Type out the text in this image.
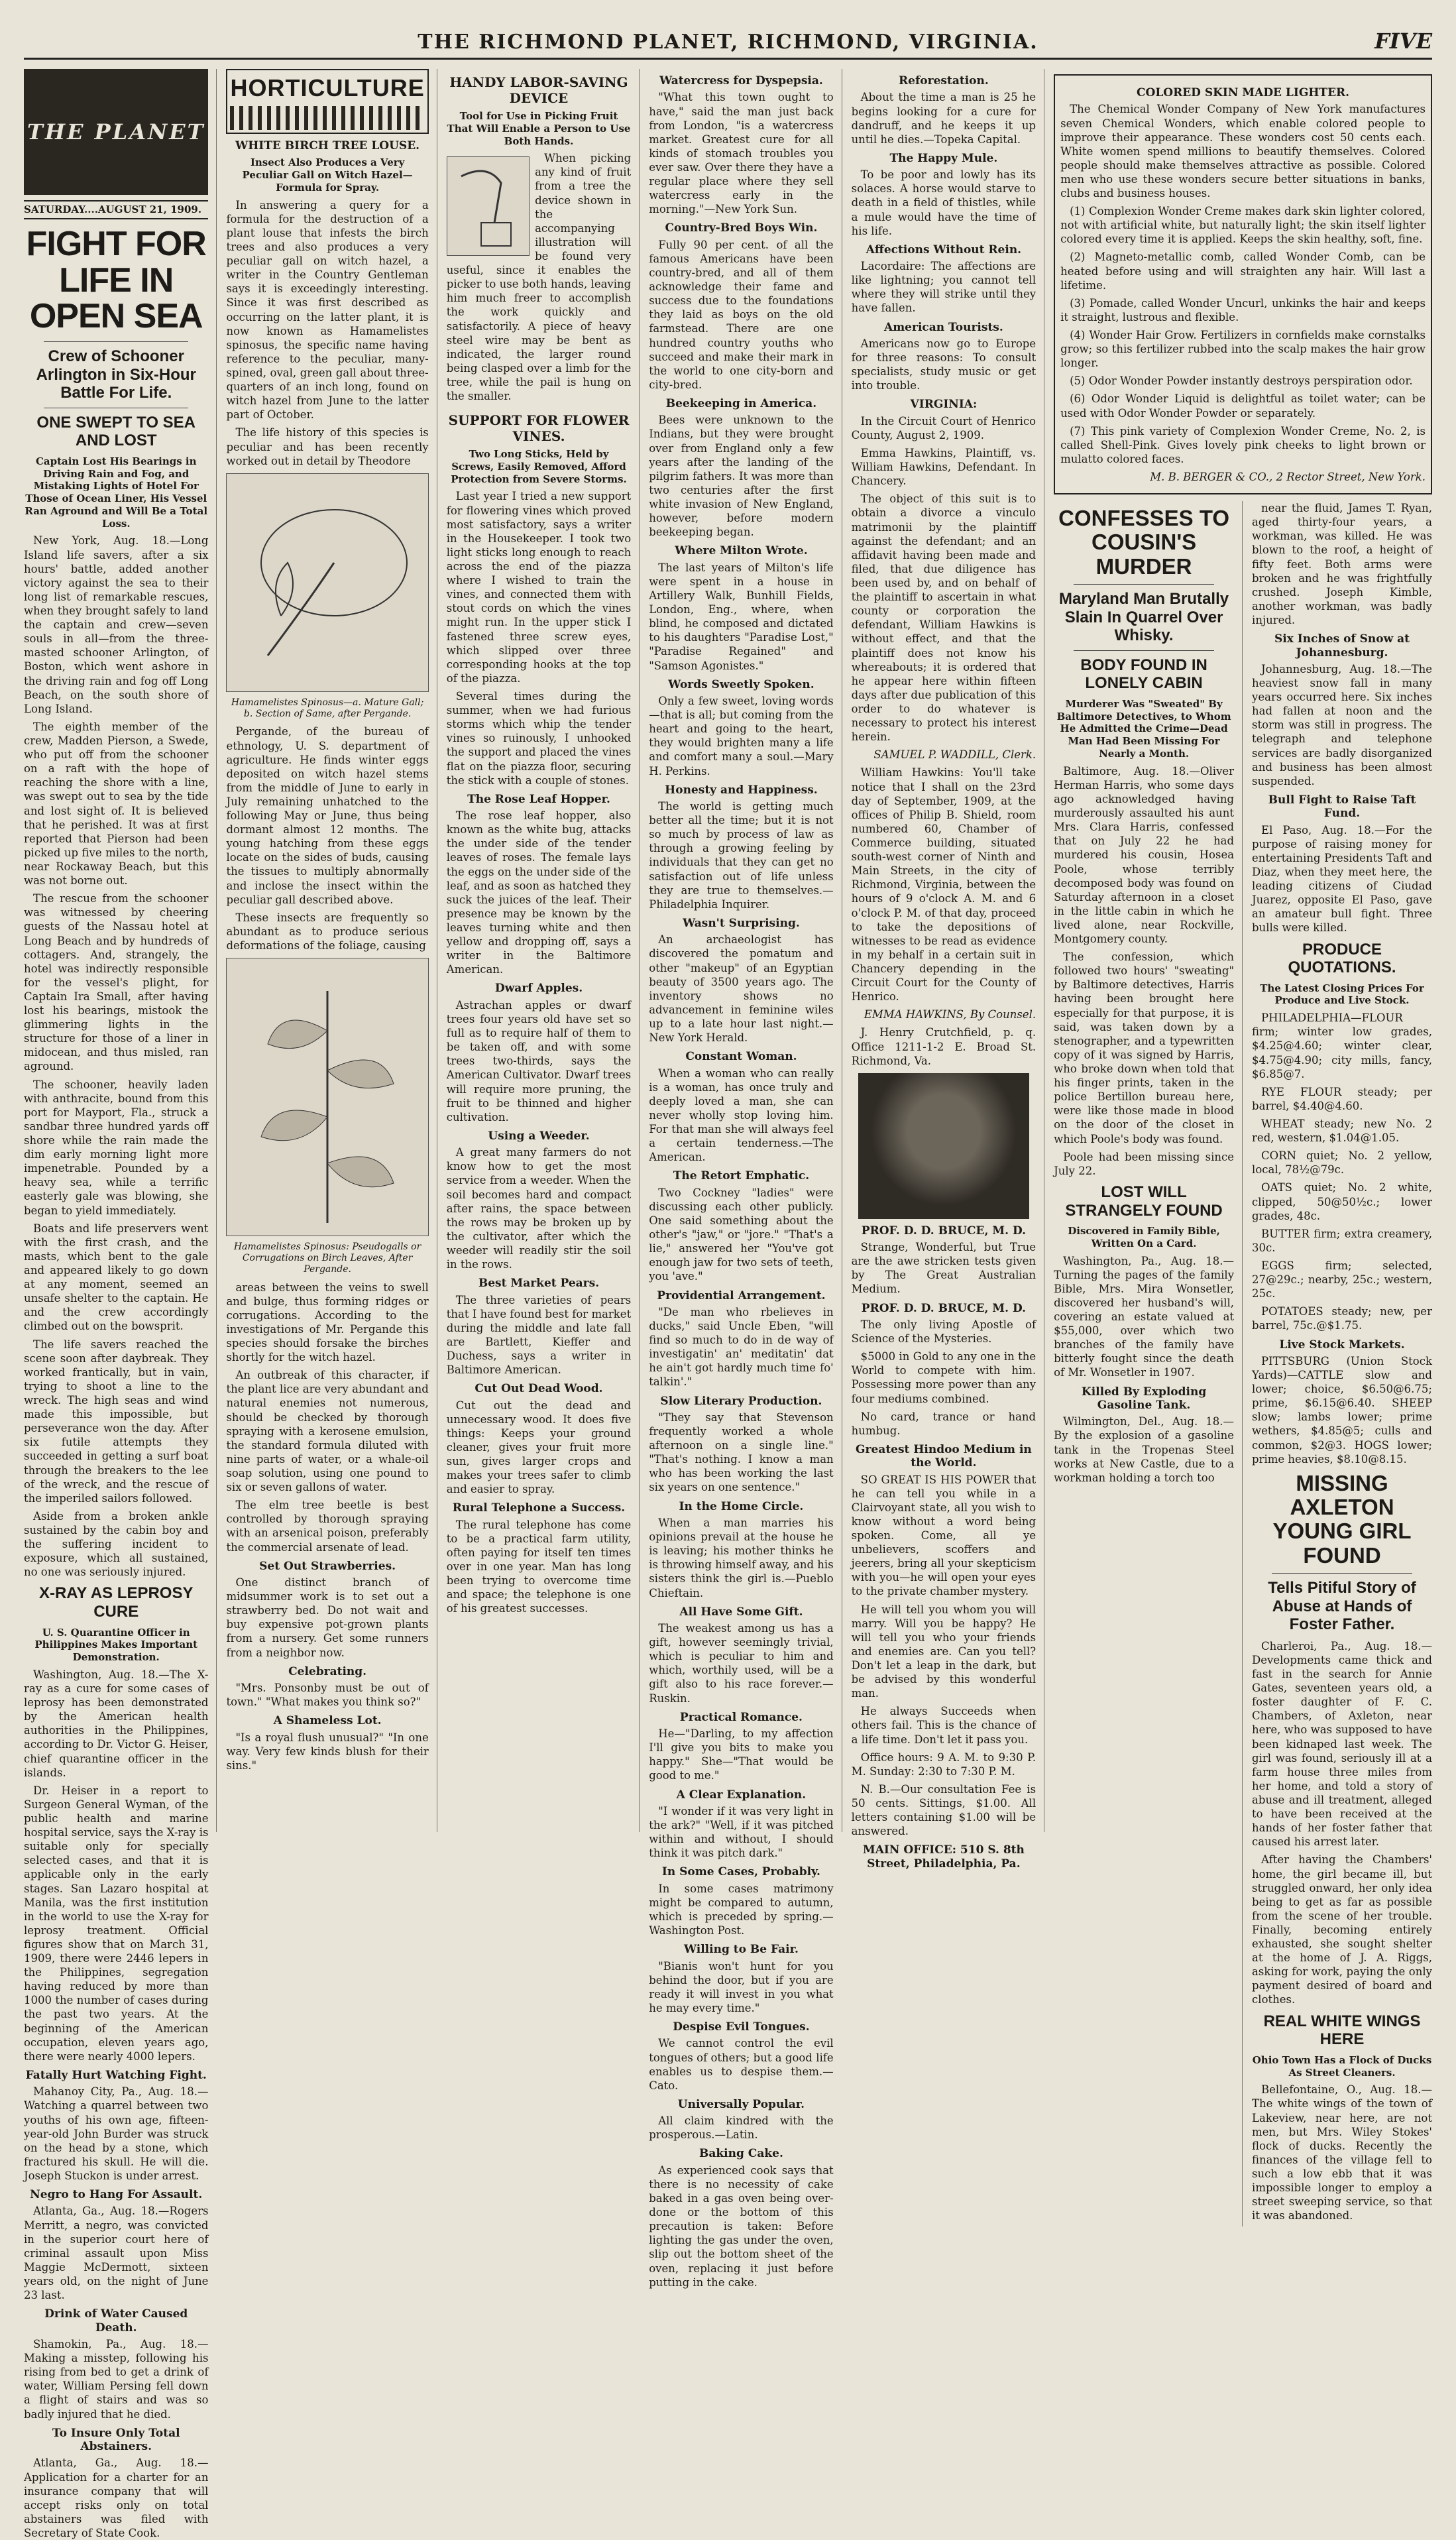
THE RICHMOND PLANET, RICHMOND, VIRGINIA.	FIVE
THE PLANET
SATURDAY....AUGUST 21, 1909.
FIGHT FOR LIFE IN OPEN SEA
Crew of Schooner Arlington in Six-Hour Battle For Life.
ONE SWEPT TO SEA AND LOST
Captain Lost His Bearings in Driving Rain and Fog, and Mistaking Lights of Hotel For Those of Ocean Liner, His Vessel Ran Aground and Will Be a Total Loss.

New York, Aug. 18.—Long Island life savers, after a six hours' battle, added another victory against the sea to their long list of remarkable rescues, when they brought safely to land the captain and crew—seven souls in all—from the three-masted schooner Arlington, of Boston, which went ashore in the driving rain and fog off Long Beach, on the south shore of Long Island.

The eighth member of the crew, Madden Pierson, a Swede, who put off from the schooner on a raft with the hope of reaching the shore with a line, was swept out to sea by the tide and lost sight of. It is believed that he perished. It was at first reported that Pierson had been picked up five miles to the north, near Rockaway Beach, but this was not borne out.

The rescue from the schooner was witnessed by cheering guests of the Nassau hotel at Long Beach and by hundreds of cottagers. And, strangely, the hotel was indirectly responsible for the vessel's plight, for Captain Ira Small, after having lost his bearings, mistook the glimmering lights in the structure for those of a liner in midocean, and thus misled, ran aground.

The schooner, heavily laden with anthracite, bound from this port for Mayport, Fla., struck a sandbar three hundred yards off shore while the rain made the dim early morning light more impenetrable. Pounded by a heavy sea, while a terrific easterly gale was blowing, she began to yield immediately.

Boats and life preservers went with the first crash, and the masts, which bent to the gale and appeared likely to go down at any moment, seemed an unsafe shelter to the captain. He and the crew accordingly climbed out on the bowsprit.

The life savers reached the scene soon after daybreak. They worked frantically, but in vain, trying to shoot a line to the wreck. The high seas and wind made this impossible, but perseverance won the day. After six futile attempts they succeeded in getting a surf boat through the breakers to the lee of the wreck, and the rescue of the imperiled sailors followed.

Aside from a broken ankle sustained by the cabin boy and the suffering incident to exposure, which all sustained, no one was seriously injured.

X-RAY AS LEPROSY CURE
U. S. Quarantine Officer in Philippines Makes Important Demonstration.

Washington, Aug. 18.—The X-ray as a cure for some cases of leprosy has been demonstrated by the American health authorities in the Philippines, according to Dr. Victor G. Heiser, chief quarantine officer in the islands.

Dr. Heiser in a report to Surgeon General Wyman, of the public health and marine hospital service, says the X-ray is suitable only for specially selected cases, and that it is applicable only in the early stages. San Lazaro hospital at Manila, was the first institution in the world to use the X-ray for leprosy treatment. Official figures show that on March 31, 1909, there were 2446 lepers in the Philippines, segregation having reduced by more than 1000 the number of cases during the past two years. At the beginning of the American occupation, eleven years ago, there were nearly 4000 lepers.

Fatally Hurt Watching Fight.

Mahanoy City, Pa., Aug. 18.—Watching a quarrel between two youths of his own age, fifteen-year-old John Burder was struck on the head by a stone, which fractured his skull. He will die. Joseph Stuckon is under arrest.

Negro to Hang For Assault.

Atlanta, Ga., Aug. 18.—Rogers Merritt, a negro, was convicted in the superior court here of criminal assault upon Miss Maggie McDermott, sixteen years old, on the night of June 23 last.

Drink of Water Caused Death.

Shamokin, Pa., Aug. 18.—Making a misstep, following his rising from bed to get a drink of water, William Persing fell down a flight of stairs and was so badly injured that he died.

To Insure Only Total Abstainers.

Atlanta, Ga., Aug. 18.—Application for a charter for an insurance company that will accept risks only on total abstainers was filed with Secretary of State Cook.

HORTICULTURE
WHITE BIRCH TREE LOUSE.
Insect Also Produces a Very Peculiar Gall on Witch Hazel—Formula for Spray.

In answering a query for a formula for the destruction of a plant louse that infests the birch trees and also produces a very peculiar gall on witch hazel, a writer in the Country Gentleman says it is exceedingly interesting. Since it was first described as occurring on the latter plant, it is now known as Hamamelistes spinosus, the specific name having reference to the peculiar, many-spined, oval, green gall about three-quarters of an inch long, found on witch hazel from June to the latter part of October.

The life history of this species is peculiar and has been recently worked out in detail by Theodore

Hamamelistes Spinosus—a. Mature Gall; b. Section of Same, after Pergande.

Pergande, of the bureau of ethnology, U. S. department of agriculture. He finds winter eggs deposited on witch hazel stems from the middle of June to early in July remaining unhatched to the following May or June, thus being dormant almost 12 months. The young hatching from these eggs locate on the sides of buds, causing the tissues to multiply abnormally and inclose the insect within the peculiar gall described above.

These insects are frequently so abundant as to produce serious deformations of the foliage, causing

Hamamelistes Spinosus: Pseudogalls or Corrugations on Birch Leaves, After Pergande.

areas between the veins to swell and bulge, thus forming ridges or corrugations. According to the investigations of Mr. Pergande this species should forsake the birches shortly for the witch hazel.

An outbreak of this character, if the plant lice are very abundant and natural enemies not numerous, should be checked by thorough spraying with a kerosene emulsion, the standard formula diluted with nine parts of water, or a whale-oil soap solution, using one pound to six or seven gallons of water.

The elm tree beetle is best controlled by thorough spraying with an arsenical poison, preferably the commercial arsenate of lead.

Set Out Strawberries.

One distinct branch of midsummer work is to set out a strawberry bed. Do not wait and buy expensive pot-grown plants from a nursery. Get some runners from a neighbor now.

Celebrating.

"Mrs. Ponsonby must be out of town." "What makes you think so?"

A Shameless Lot.

"Is a royal flush unusual?" "In one way. Very few kinds blush for their sins."

HANDY LABOR-SAVING DEVICE
Tool for Use in Picking Fruit That Will Enable a Person to Use Both Hands.

When picking any kind of fruit from a tree the device shown in the accompanying illustration will be found very useful, since it enables the picker to use both hands, leaving him much freer to accomplish the work quickly and satisfactorily. A piece of heavy steel wire may be bent as indicated, the larger round being clasped over a limb for the tree, while the pail is hung on the smaller.

SUPPORT FOR FLOWER VINES.
Two Long Sticks, Held by Screws, Easily Removed, Afford Protection from Severe Storms.

Last year I tried a new support for flowering vines which proved most satisfactory, says a writer in the Housekeeper. I took two light sticks long enough to reach across the end of the piazza where I wished to train the vines, and connected them with stout cords on which the vines might run. In the upper stick I fastened three screw eyes, which slipped over three corresponding hooks at the top of the piazza.

Several times during the summer, when we had furious storms which whip the tender vines so ruinously, I unhooked the support and placed the vines flat on the piazza floor, securing the stick with a couple of stones.

The Rose Leaf Hopper.

The rose leaf hopper, also known as the white bug, attacks the under side of the tender leaves of roses. The female lays the eggs on the under side of the leaf, and as soon as hatched they suck the juices of the leaf. Their presence may be known by the leaves turning white and then yellow and dropping off, says a writer in the Baltimore American.

Dwarf Apples.

Astrachan apples or dwarf trees four years old have set so full as to require half of them to be taken off, and with some trees two-thirds, says the American Cultivator. Dwarf trees will require more pruning, the fruit to be thinned and higher cultivation.

Using a Weeder.

A great many farmers do not know how to get the most service from a weeder. When the soil becomes hard and compact after rains, the space between the rows may be broken up by the cultivator, after which the weeder will readily stir the soil in the rows.

Best Market Pears.

The three varieties of pears that I have found best for market during the middle and late fall are Bartlett, Kieffer and Duchess, says a writer in Baltimore American.

Cut Out Dead Wood.

Cut out the dead and unnecessary wood. It does five things: Keeps your ground cleaner, gives your fruit more sun, gives larger crops and makes your trees safer to climb and easier to spray.

Rural Telephone a Success.

The rural telephone has come to be a practical farm utility, often paying for itself ten times over in one year. Man has long been trying to overcome time and space; the telephone is one of his greatest successes.

Watercress for Dyspepsia.

"What this town ought to have," said the man just back from London, "is a watercress market. Greatest cure for all kinds of stomach troubles you ever saw. Over there they have a regular place where they sell watercress early in the morning."—New York Sun.

Country-Bred Boys Win.

Fully 90 per cent. of all the famous Americans have been country-bred, and all of them acknowledge their fame and success due to the foundations they laid as boys on the old farmstead. There are one hundred country youths who succeed and make their mark in the world to one city-born and city-bred.

Beekeeping in America.

Bees were unknown to the Indians, but they were brought over from England only a few years after the landing of the pilgrim fathers. It was more than two centuries after the first white invasion of New England, however, before modern beekeeping began.

Where Milton Wrote.

The last years of Milton's life were spent in a house in Artillery Walk, Bunhill Fields, London, Eng., where, when blind, he composed and dictated to his daughters "Paradise Lost," "Paradise Regained" and "Samson Agonistes."

Words Sweetly Spoken.

Only a few sweet, loving words—that is all; but coming from the heart and going to the heart, they would brighten many a life and comfort many a soul.—Mary H. Perkins.

Honesty and Happiness.

The world is getting much better all the time; but it is not so much by process of law as through a growing feeling by individuals that they can get no satisfaction out of life unless they are true to themselves.—Philadelphia Inquirer.

Wasn't Surprising.

An archaeologist has discovered the pomatum and other "makeup" of an Egyptian beauty of 3500 years ago. The inventory shows no advancement in feminine wiles up to a late hour last night.—New York Herald.

Constant Woman.

When a woman who can really is a woman, has once truly and deeply loved a man, she can never wholly stop loving him. For that man she will always feel a certain tenderness.—The American.

The Retort Emphatic.

Two Cockney "ladies" were discussing each other publicly. One said something about the other's "jaw," or "jore." "That's a lie," answered her "You've got enough jaw for two sets of teeth, you 'ave."

Providential Arrangement.

"De man who rbelieves in ducks," said Uncle Eben, "will find so much to do in de way of investigatin' an' meditatin' dat he ain't got hardly much time fo' talkin'."

Slow Literary Production.

"They say that Stevenson frequently worked a whole afternoon on a single line." "That's nothing. I know a man who has been working the last six years on one sentence."

In the Home Circle.

When a man marries his opinions prevail at the house he is leaving; his mother thinks he is throwing himself away, and his sisters think the girl is.—Pueblo Chieftain.

All Have Some Gift.

The weakest among us has a gift, however seemingly trivial, which is peculiar to him and which, worthily used, will be a gift also to his race forever.—Ruskin.

Practical Romance.

He—"Darling, to my affection I'll give you bits to make you happy." She—"That would be good to me."

A Clear Explanation.

"I wonder if it was very light in the ark?" "Well, if it was pitched within and without, I should think it was pitch dark."

In Some Cases, Probably.

In some cases matrimony might be compared to autumn, which is preceded by spring.—Washington Post.

Willing to Be Fair.

"Bianis won't hunt for you behind the door, but if you are ready it will invest in you what he may every time."

Despise Evil Tongues.

We cannot control the evil tongues of others; but a good life enables us to despise them.—Cato.

Universally Popular.

All claim kindred with the prosperous.—Latin.

Baking Cake.

As experienced cook says that there is no necessity of cake baked in a gas oven being over-done or the bottom of this precaution is taken: Before lighting the gas under the oven, slip out the bottom sheet of the oven, replacing it just before putting in the cake.

Reforestation.

About the time a man is 25 he begins looking for a cure for dandruff, and he keeps it up until he dies.—Topeka Capital.

The Happy Mule.

To be poor and lowly has its solaces. A horse would starve to death in a field of thistles, while a mule would have the time of his life.

Affections Without Rein.

Lacordaire: The affections are like lightning; you cannot tell where they will strike until they have fallen.

American Tourists.

Americans now go to Europe for three reasons: To consult specialists, study music or get into trouble.

VIRGINIA:

In the Circuit Court of Henrico County, August 2, 1909.

Emma Hawkins, Plaintiff, vs. William Hawkins, Defendant. In Chancery.

The object of this suit is to obtain a divorce a vinculo matrimonii by the plaintiff against the defendant; and an affidavit having been made and filed, that due diligence has been used by, and on behalf of the plaintiff to ascertain in what county or corporation the defendant, William Hawkins is without effect, and that the plaintiff does not know his whereabouts; it is ordered that he appear here within fifteen days after due publication of this order to do whatever is necessary to protect his interest herein.

SAMUEL P. WADDILL, Clerk.

William Hawkins: You'll take notice that I shall on the 23rd day of September, 1909, at the offices of Philip B. Shield, room numbered 60, Chamber of Commerce building, situated south-west corner of Ninth and Main Streets, in the city of Richmond, Virginia, between the hours of 9 o'clock A. M. and 6 o'clock P. M. of that day, proceed to take the depositions of witnesses to be read as evidence in my behalf in a certain suit in Chancery depending in the Circuit Court for the County of Henrico.

EMMA HAWKINS, By Counsel.

J. Henry Crutchfield, p. q. Office 1211-1-2 E. Broad St. Richmond, Va.

PROF. D. D. BRUCE, M. D.

Strange, Wonderful, but True are the awe stricken tests given by The Great Australian Medium.

PROF. D. D. BRUCE, M. D.

The only living Apostle of Science of the Mysteries.

$5000 in Gold to any one in the World to compete with him. Possessing more power than any four mediums combined.

No card, trance or hand humbug.

Greatest Hindoo Medium in the World.

SO GREAT IS HIS POWER that he can tell you while in a Clairvoyant state, all you wish to know without a word being spoken. Come, all ye unbelievers, scoffers and jeerers, bring all your skepticism with you—he will open your eyes to the private chamber mystery.

He will tell you whom you will marry. Will you be happy? He will tell you who your friends and enemies are. Can you tell? Don't let a leap in the dark, but be advised by this wonderful man.

He always Succeeds when others fail. This is the chance of a life time. Don't let it pass you.

Office hours: 9 A. M. to 9:30 P. M. Sunday: 2:30 to 7:30 P. M.

N. B.—Our consultation Fee is 50 cents. Sittings, $1.00. All letters containing $1.00 will be answered.

MAIN OFFICE: 510 S. 8th Street, Philadelphia, Pa.
COLORED SKIN MADE LIGHTER.

The Chemical Wonder Company of New York manufactures seven Chemical Wonders, which enable colored people to improve their appearance. These wonders cost 50 cents each. White women spend millions to beautify themselves. Colored people should make themselves attractive as possible. Colored men who use these wonders secure better situations in banks, clubs and business houses.

(1) Complexion Wonder Creme makes dark skin lighter colored, not with artificial white, but naturally light; the skin itself lighter colored every time it is applied. Keeps the skin healthy, soft, fine.

(2) Magneto-metallic comb, called Wonder Comb, can be heated before using and will straighten any hair. Will last a lifetime.

(3) Pomade, called Wonder Uncurl, unkinks the hair and keeps it straight, lustrous and flexible.

(4) Wonder Hair Grow. Fertilizers in cornfields make cornstalks grow; so this fertilizer rubbed into the scalp makes the hair grow longer.

(5) Odor Wonder Powder instantly destroys perspiration odor.

(6) Odor Wonder Liquid is delightful as toilet water; can be used with Odor Wonder Powder or separately.

(7) This pink variety of Complexion Wonder Creme, No. 2, is called Shell-Pink. Gives lovely pink cheeks to light brown or mulatto colored faces.

M. B. BERGER & CO., 2 Rector Street, New York.
CONFESSES TO COUSIN'S MURDER
Maryland Man Brutally Slain In Quarrel Over Whisky.
BODY FOUND IN LONELY CABIN
Murderer Was "Sweated" By Baltimore Detectives, to Whom He Admitted the Crime—Dead Man Had Been Missing For Nearly a Month.

Baltimore, Aug. 18.—Oliver Herman Harris, who some days ago acknowledged having murderously assaulted his aunt Mrs. Clara Harris, confessed that on July 22 he had murdered his cousin, Hosea Poole, whose terribly decomposed body was found on Saturday afternoon in a closet in the little cabin in which he lived alone, near Rockville, Montgomery county.

The confession, which followed two hours' "sweating" by Baltimore detectives, Harris having been brought here especially for that purpose, it is said, was taken down by a stenographer, and a typewritten copy of it was signed by Harris, who broke down when told that his finger prints, taken in the police Bertillon bureau here, were like those made in blood on the door of the closet in which Poole's body was found.

Poole had been missing since July 22.

LOST WILL STRANGELY FOUND
Discovered in Family Bible, Written On a Card.

Washington, Pa., Aug. 18.—Turning the pages of the family Bible, Mrs. Mira Wonsetler, discovered her husband's will, covering an estate valued at $55,000, over which two branches of the family have bitterly fought since the death of Mr. Wonsetler in 1907.

Killed By Exploding Gasoline Tank.

Wilmington, Del., Aug. 18.—By the explosion of a gasoline tank in the Tropenas Steel works at New Castle, due to a workman holding a torch too

near the fluid, James T. Ryan, aged thirty-four years, a workman, was killed. He was blown to the roof, a height of fifty feet. Both arms were broken and he was frightfully crushed. Joseph Kimble, another workman, was badly injured.

Six Inches of Snow at Johannesburg.

Johannesburg, Aug. 18.—The heaviest snow fall in many years occurred here. Six inches had fallen at noon and the storm was still in progress. The telegraph and telephone services are badly disorganized and business has been almost suspended.

Bull Fight to Raise Taft Fund.

El Paso, Aug. 18.—For the purpose of raising money for entertaining Presidents Taft and Diaz, when they meet here, the leading citizens of Ciudad Juarez, opposite El Paso, gave an amateur bull fight. Three bulls were killed.

PRODUCE QUOTATIONS.
The Latest Closing Prices For Produce and Live Stock.

PHILADELPHIA—FLOUR firm; winter low grades, $4.25@4.60; winter clear, $4.75@4.90; city mills, fancy, $6.85@7.

RYE FLOUR steady; per barrel, $4.40@4.60.

WHEAT steady; new No. 2 red, western, $1.04@1.05.

CORN quiet; No. 2 yellow, local, 78½@79c.

OATS quiet; No. 2 white, clipped, 50@50½c.; lower grades, 48c.

BUTTER firm; extra creamery, 30c.

EGGS firm; selected, 27@29c.; nearby, 25c.; western, 25c.

POTATOES steady; new, per barrel, 75c.@$1.75.

Live Stock Markets.

PITTSBURG (Union Stock Yards)—CATTLE slow and lower; choice, $6.50@6.75; prime, $6.15@6.40. SHEEP slow; lambs lower; prime wethers, $4.85@5; culls and common, $2@3. HOGS lower; prime heavies, $8.10@8.15.

MISSING AXLETON YOUNG GIRL FOUND
Tells Pitiful Story of Abuse at Hands of Foster Father.

Charleroi, Pa., Aug. 18.—Developments came thick and fast in the search for Annie Gates, seventeen years old, a foster daughter of F. C. Chambers, of Axleton, near here, who was supposed to have been kidnaped last week. The girl was found, seriously ill at a farm house three miles from her home, and told a story of abuse and ill treatment, alleged to have been received at the hands of her foster father that caused his arrest later.

After having the Chambers' home, the girl became ill, but struggled onward, her only idea being to get as far as possible from the scene of her trouble. Finally, becoming entirely exhausted, she sought shelter at the home of J. A. Riggs, asking for work, paying the only payment desired of board and clothes.

REAL WHITE WINGS HERE
Ohio Town Has a Flock of Ducks As Street Cleaners.

Bellefontaine, O., Aug. 18.—The white wings of the town of Lakeview, near here, are not men, but Mrs. Wiley Stokes' flock of ducks. Recently the finances of the village fell to such a low ebb that it was impossible longer to employ a street sweeping service, so that it was abandoned.
